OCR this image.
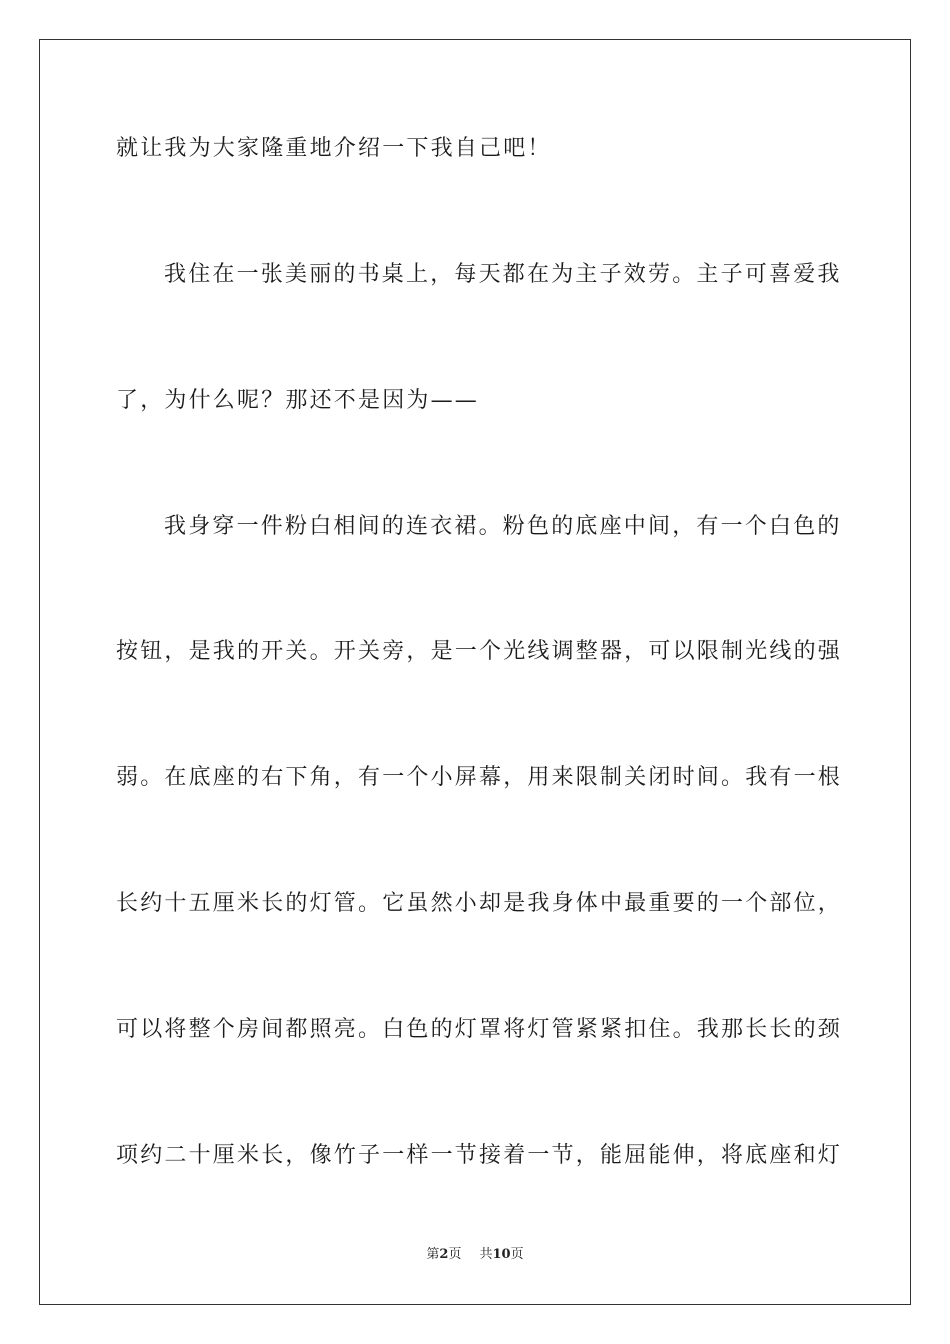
就让我为大家隆重地介绍一下我自己吧！
我住在一张美丽的书桌上，每天都在为主子效劳。主子可喜爱我
了，为什么呢？那还不是因为——
我身穿一件粉白相间的连衣裙。粉色的底座中间，有一个白色的
按钮，是我的开关。开关旁，是一个光线调整器，可以限制光线的强
弱。在底座的右下角，有一个小屏幕，用来限制关闭时间。我有一根
长约十五厘米长的灯管。它虽然小却是我身体中最重要的一个部位，
可以将整个房间都照亮。白色的灯罩将灯管紧紧扣住。我那长长的颈
项约二十厘米长，像竹子一样一节接着一节，能屈能伸，将底座和灯
第2页 共10页
